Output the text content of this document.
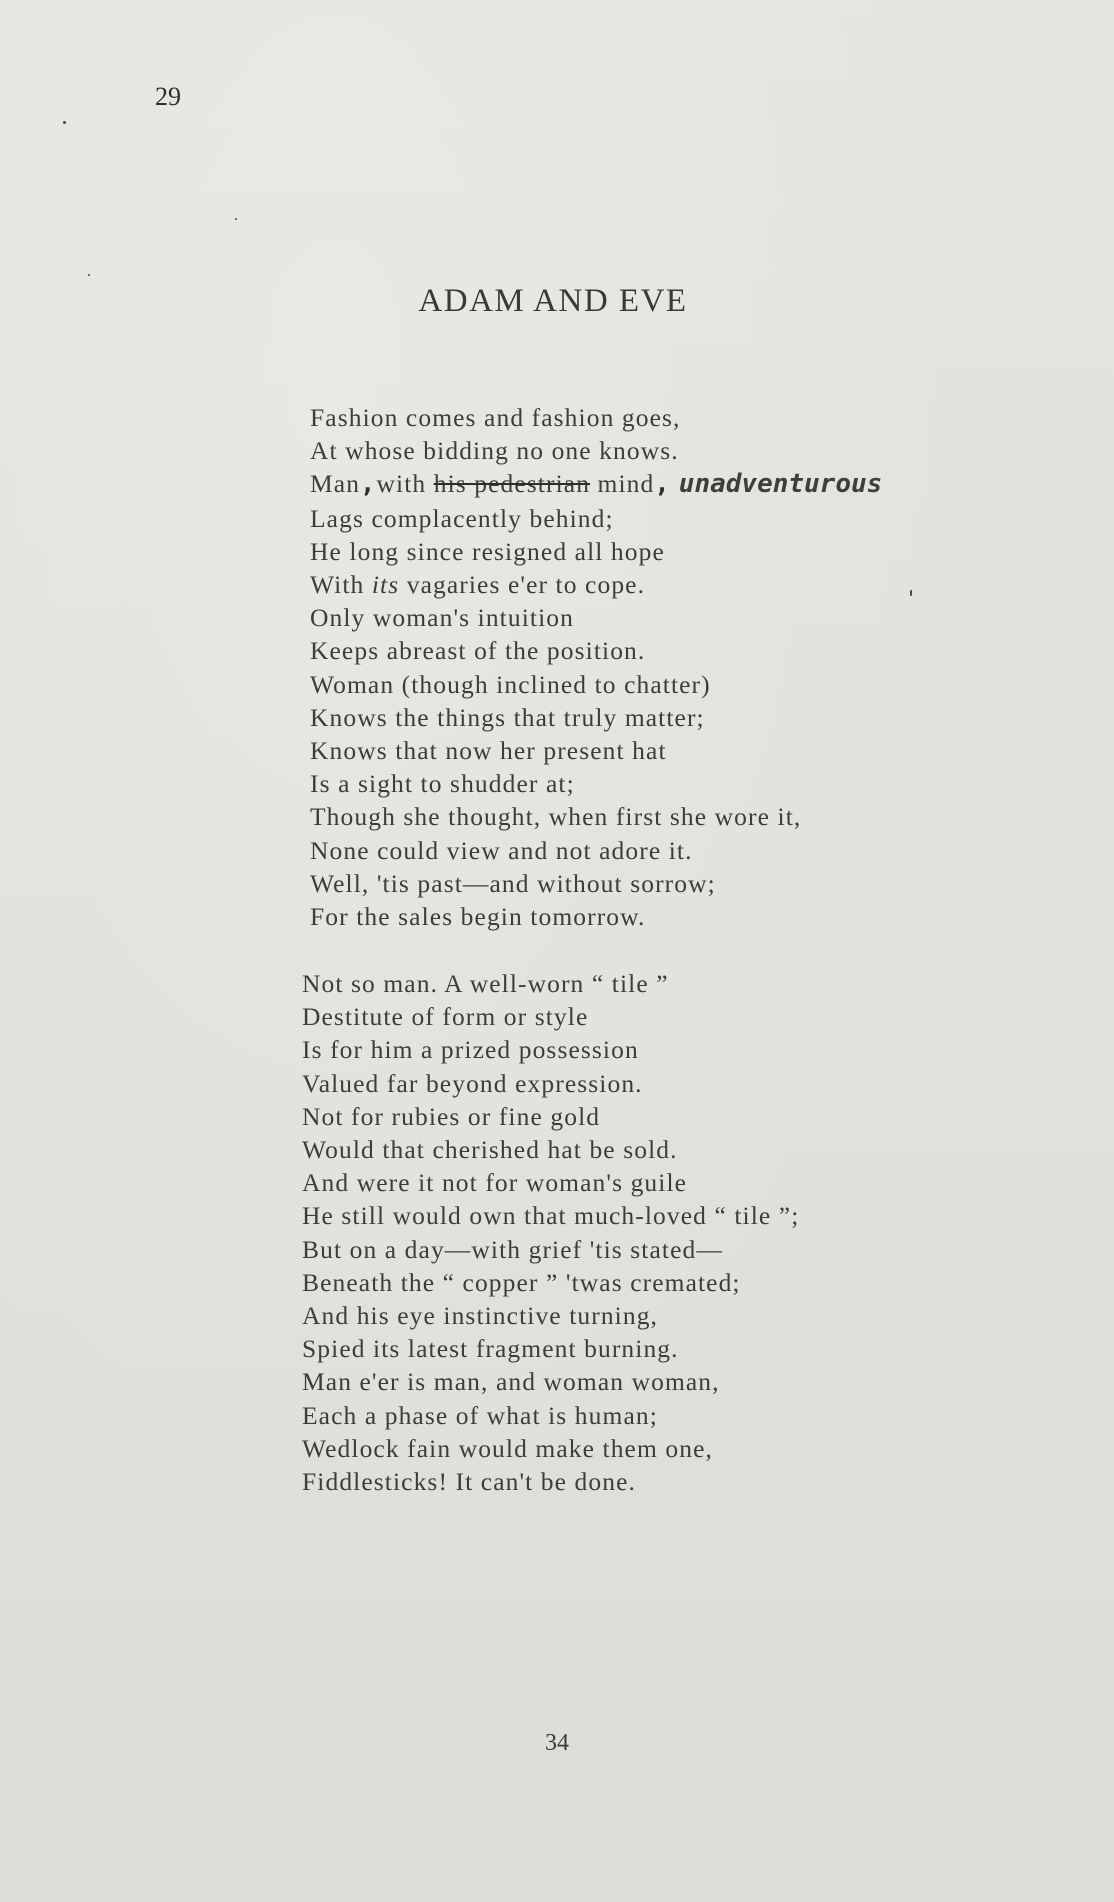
29
ADAM AND EVE
Fashion comes and fashion goes,
At whose bidding no one knows.
Man,with his pedestrian mind, unadventurous
Lags complacently behind;
He long since resigned all hope
With its vagaries e'er to cope.
Only woman's intuition
Keeps abreast of the position.
Woman (though inclined to chatter)
Knows the things that truly matter;
Knows that now her present hat
Is a sight to shudder at;
Though she thought, when first she wore it,
None could view and not adore it.
Well, 'tis past—and without sorrow;
For the sales begin tomorrow.
Not so man. A well-worn “ tile ”
Destitute of form or style
Is for him a prized possession
Valued far beyond expression.
Not for rubies or fine gold
Would that cherished hat be sold.
And were it not for woman's guile
He still would own that much-loved “ tile ”;
But on a day—with grief 'tis stated—
Beneath the “ copper ” 'twas cremated;
And his eye instinctive turning,
Spied its latest fragment burning.
Man e'er is man, and woman woman,
Each a phase of what is human;
Wedlock fain would make them one,
Fiddlesticks! It can't be done.
34
